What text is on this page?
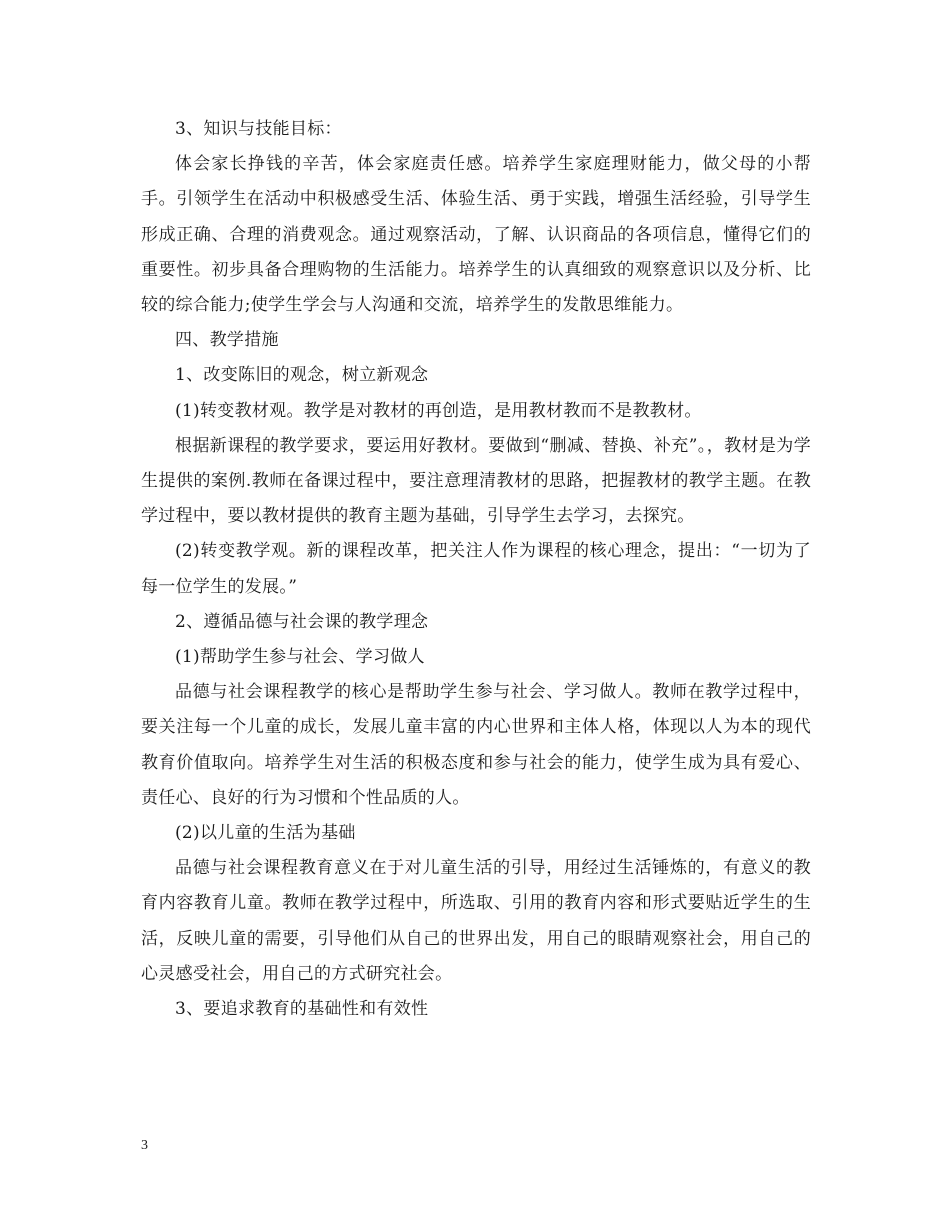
3、知识与技能目标：

体会家长挣钱的辛苦，体会家庭责任感。培养学生家庭理财能力，做父母的小帮手。引领学生在活动中积极感受生活、体验生活、勇于实践，增强生活经验，引导学生形成正确、合理的消费观念。通过观察活动，了解、认识商品的各项信息，懂得它们的重要性。初步具备合理购物的生活能力。培养学生的认真细致的观察意识以及分析、比较的综合能力;使学生学会与人沟通和交流，培养学生的发散思维能力。

四、教学措施

1、改变陈旧的观念，树立新观念

(1)转变教材观。教学是对教材的再创造，是用教材教而不是教教材。

根据新课程的教学要求，要运用好教材。要做到“删减、替换、补充”。，教材是为学生提供的案例.教师在备课过程中，要注意理清教材的思路，把握教材的教学主题。在教学过程中，要以教材提供的教育主题为基础，引导学生去学习，去探究。

(2)转变教学观。新的课程改革，把关注人作为课程的核心理念，提出：“一切为了每一位学生的发展。”

2、遵循品德与社会课的教学理念

(1)帮助学生参与社会、学习做人

品德与社会课程教学的核心是帮助学生参与社会、学习做人。教师在教学过程中，要关注每一个儿童的成长，发展儿童丰富的内心世界和主体人格，体现以人为本的现代教育价值取向。培养学生对生活的积极态度和参与社会的能力，使学生成为具有爱心、责任心、良好的行为习惯和个性品质的人。

(2)以儿童的生活为基础

品德与社会课程教育意义在于对儿童生活的引导，用经过生活锤炼的，有意义的教育内容教育儿童。教师在教学过程中，所选取、引用的教育内容和形式要贴近学生的生活，反映儿童的需要，引导他们从自己的世界出发，用自己的眼睛观察社会，用自己的心灵感受社会，用自己的方式研究社会。

3、要追求教育的基础性和有效性

3
